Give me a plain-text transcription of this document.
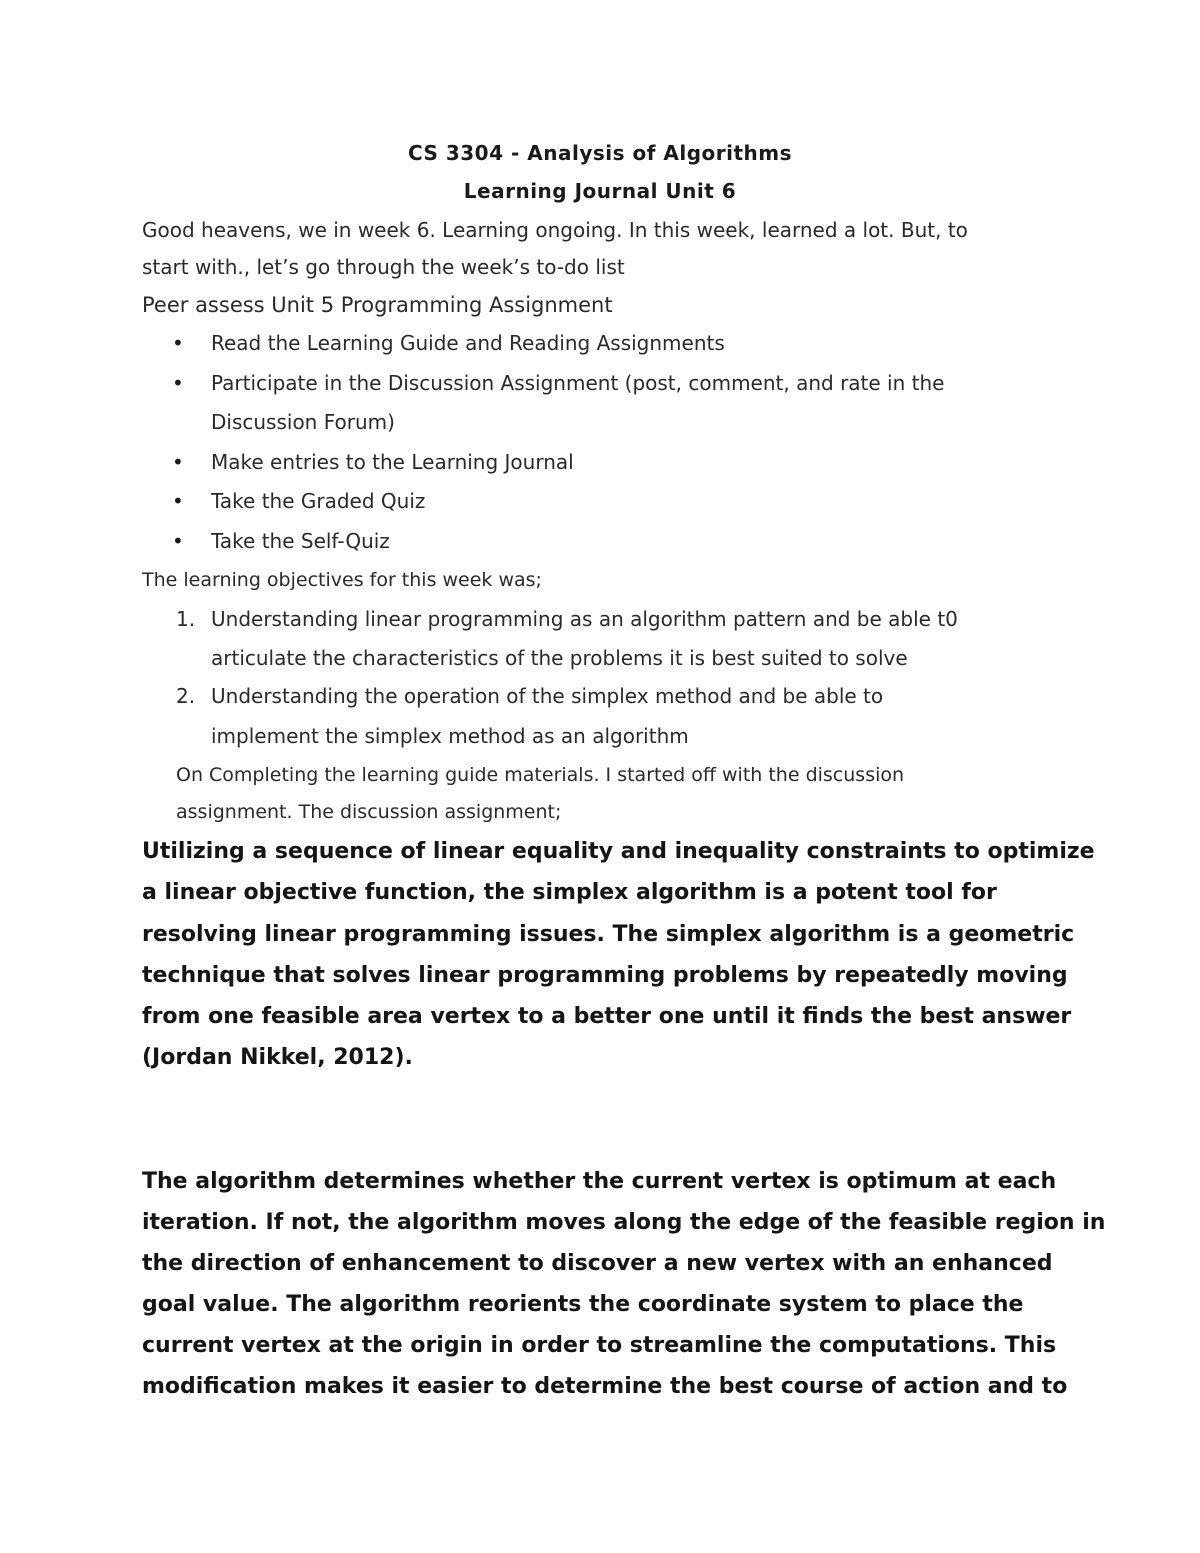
CS 3304 - Analysis of Algorithms

Learning Journal Unit 6

Good heavens, we in week 6. Learning ongoing. In this week, learned a lot. But, to

start with., let’s go through the week’s to-do list

Peer assess Unit 5 Programming Assignment

• Read the Learning Guide and Reading Assignments

• Participate in the Discussion Assignment (post, comment, and rate in the

Discussion Forum)

• Make entries to the Learning Journal

• Take the Graded Quiz

• Take the Self-Quiz

The learning objectives for this week was;

1. Understanding linear programming as an algorithm pattern and be able t0

articulate the characteristics of the problems it is best suited to solve

2. Understanding the operation of the simplex method and be able to

implement the simplex method as an algorithm

On Completing the learning guide materials. I started off with the discussion

assignment. The discussion assignment;

Utilizing a sequence of linear equality and inequality constraints to optimize

a linear objective function, the simplex algorithm is a potent tool for

resolving linear programming issues. The simplex algorithm is a geometric

technique that solves linear programming problems by repeatedly moving

from one feasible area vertex to a better one until it finds the best answer

(Jordan Nikkel, 2012).

The algorithm determines whether the current vertex is optimum at each

iteration. If not, the algorithm moves along the edge of the feasible region in

the direction of enhancement to discover a new vertex with an enhanced

goal value. The algorithm reorients the coordinate system to place the

current vertex at the origin in order to streamline the computations. This

modification makes it easier to determine the best course of action and to
